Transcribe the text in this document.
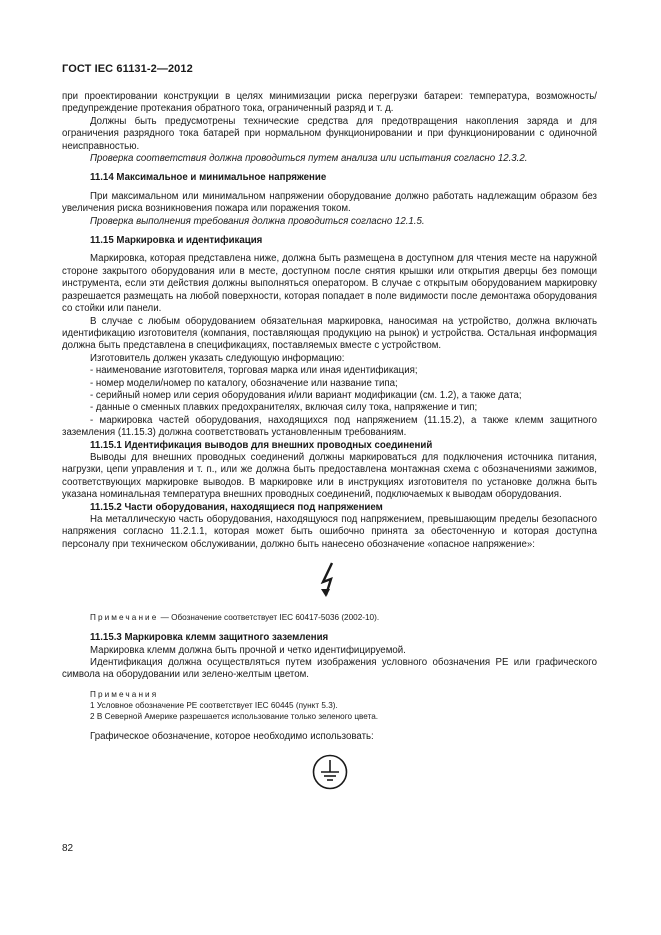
ГОСТ IEC 61131-2—2012

при проектировании конструкции в целях минимизации риска перегрузки батареи: температура, возможность/предупреждение протекания обратного тока, ограниченный разряд и т. д.

Должны быть предусмотрены технические средства для предотвращения накопления заряда и для ограничения разрядного тока батарей при нормальном функционировании и при функционировании с одиночной неисправностью.

Проверка соответствия должна проводиться путем анализа или испытания согласно 12.3.2.

11.14 Максимальное и минимальное напряжение

При максимальном или минимальном напряжении оборудование должно работать надлежащим образом без увеличения риска возникновения пожара или поражения током.

Проверка выполнения требования должна проводиться согласно 12.1.5.

11.15 Маркировка и идентификация

Маркировка, которая представлена ниже, должна быть размещена в доступном для чтения месте на наружной стороне закрытого оборудования или в месте, доступном после снятия крышки или открытия дверцы без помощи инструмента, если эти действия должны выполняться оператором. В случае с открытым оборудованием маркировку разрешается размещать на любой поверхности, которая попадает в поле видимости после демонтажа оборудования со стойки или панели.

В случае с любым оборудованием обязательная маркировка, наносимая на устройство, должна включать идентификацию изготовителя (компания, поставляющая продукцию на рынок) и устройства. Остальная информация должна быть представлена в спецификациях, поставляемых вместе с устройством.

Изготовитель должен указать следующую информацию:

- наименование изготовителя, торговая марка или иная идентификация;

- номер модели/номер по каталогу, обозначение или название типа;

- серийный номер или серия оборудования и/или вариант модификации (см. 1.2), а также дата;

- данные о сменных плавких предохранителях, включая силу тока, напряжение и тип;

- маркировка частей оборудования, находящихся под напряжением (11.15.2), а также клемм защитного заземления (11.15.3) должна соответствовать установленным требованиям.

11.15.1 Идентификация выводов для внешних проводных соединений

Выводы для внешних проводных соединений должны маркироваться для подключения источника питания, нагрузки, цепи управления и т. п., или же должна быть предоставлена монтажная схема с обозначениями зажимов, соответствующих маркировке выводов. В маркировке или в инструкциях изготовителя по установке должна быть указана номинальная температура внешних проводных соединений, подключаемых к выводам оборудования.

11.15.2 Части оборудования, находящиеся под напряжением

На металлическую часть оборудования, находящуюся под напряжением, превышающим пределы безопасного напряжения согласно 11.2.1.1, которая может быть ошибочно принята за обесточенную и которая доступна персоналу при техническом обслуживании, должно быть нанесено обозначение «опасное напряжение»:

Примечание — Обозначение соответствует IEC 60417-5036 (2002-10).

11.15.3 Маркировка клемм защитного заземления

Маркировка клемм должна быть прочной и четко идентифицируемой.

Идентификация должна осуществляться путем изображения условного обозначения РЕ или графического символа на оборудовании или зелено-желтым цветом.

Примечания

1 Условное обозначение РЕ соответствует IEC 60445 (пункт 5.3).

2 В Северной Америке разрешается использование только зеленого цвета.

Графическое обозначение, которое необходимо использовать:

82
